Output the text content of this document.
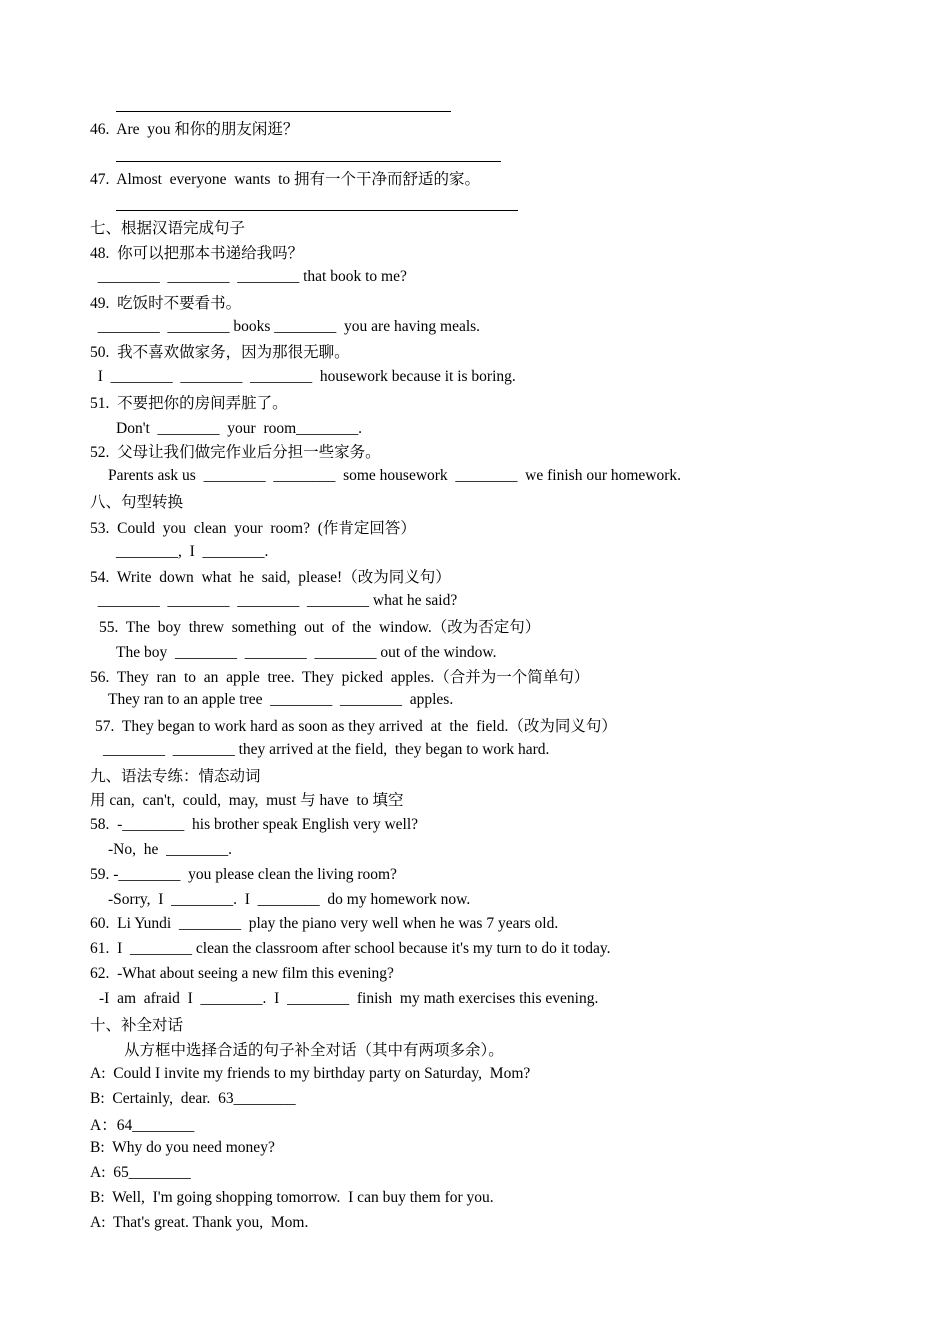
46.  Are  you 和你的朋友闲逛？
47.  Almost  everyone  wants  to 拥有一个干净而舒适的家。
七、根据汉语完成句子
48.  你可以把那本书递给我吗？
________  ________  ________ that book to me?
49.  吃饭时不要看书。
________  ________ books ________  you are having meals.
50.  我不喜欢做家务，因为那很无聊。
I  ________  ________  ________  housework because it is boring.
51.  不要把你的房间弄脏了。
Don't  ________  your  room________.
52.  父母让我们做完作业后分担一些家务。
Parents ask us  ________  ________  some housework  ________  we finish our homework.
八、句型转换
53.  Could  you  clean  your  room?  (作肯定回答）
________,  I  ________.
54.  Write  down  what  he  said,  please!（改为同义句）
________  ________  ________  ________ what he said?
55.  The  boy  threw  something  out  of  the  window.（改为否定句）
The boy  ________  ________  ________ out of the window.
56.  They  ran  to  an  apple  tree.  They  picked  apples.（合并为一个简单句）
They ran to an apple tree  ________  ________  apples.
57.  They began to work hard as soon as they arrived  at  the  field.（改为同义句）
________  ________ they arrived at the field,  they began to work hard.
九、语法专练：情态动词
用 can,  can't,  could,  may,  must 与 have  to 填空
58.  -________  his brother speak English very well?
-No,  he  ________.
59. -________  you please clean the living room?
-Sorry,  I  ________.  I  ________  do my homework now.
60.  Li Yundi  ________  play the piano very well when he was 7 years old.
61.  I  ________ clean the classroom after school because it's my turn to do it today.
62.  -What about seeing a new film this evening?
-I  am  afraid  I  ________.  I  ________  finish  my math exercises this evening.
十、补全对话
从方框中选择合适的句子补全对话（其中有两项多余）。
A:  Could I invite my friends to my birthday party on Saturday,  Mom?
B:  Certainly,  dear.  63________
A：64________
B:  Why do you need money?
A:  65________
B:  Well,  I'm going shopping tomorrow.  I can buy them for you.
A:  That's great. Thank you,  Mom.
